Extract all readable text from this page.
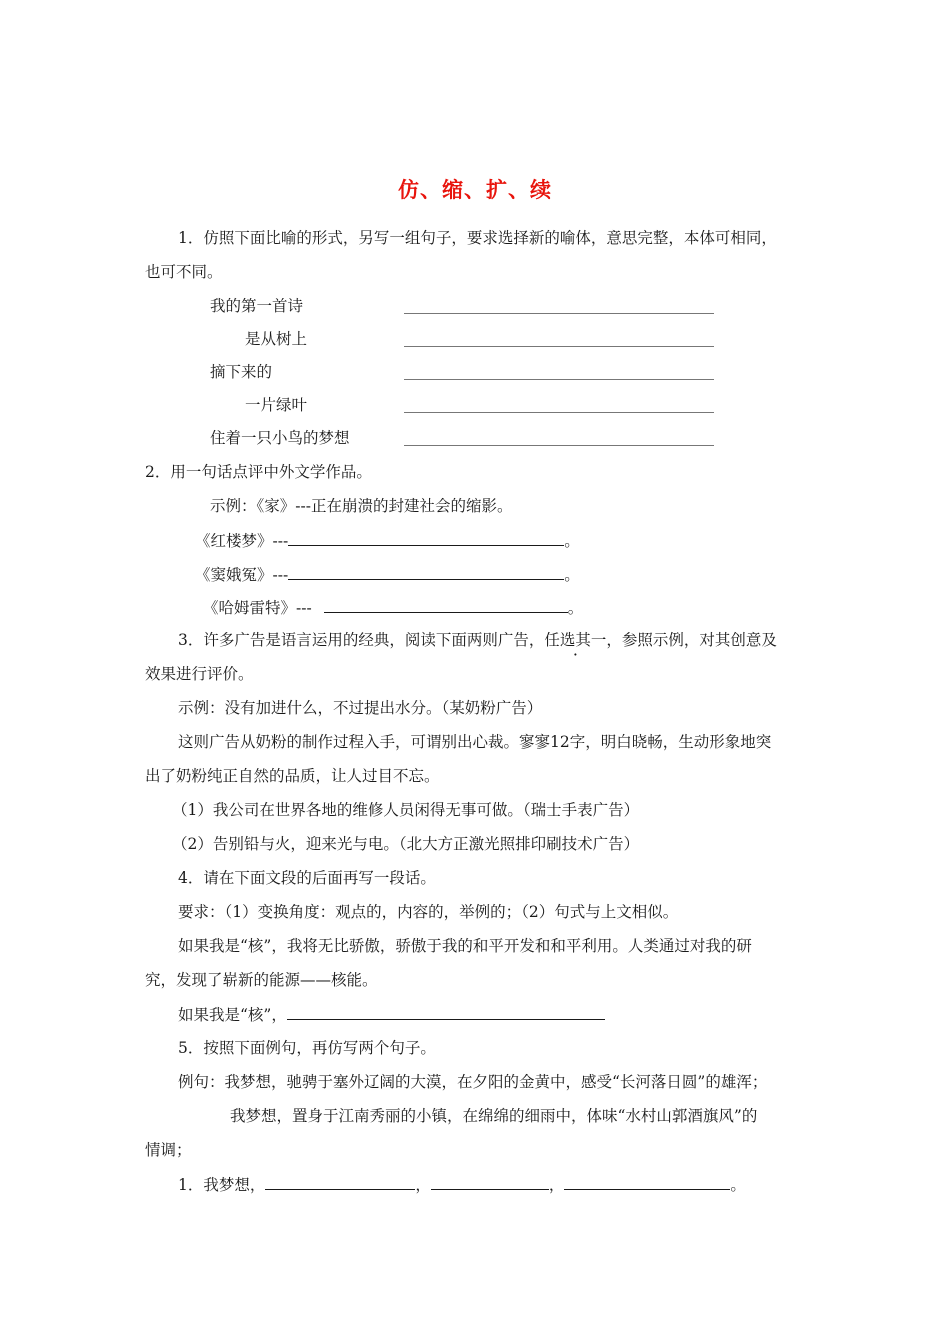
仿、缩、扩、续
1．仿照下面比喻的形式，另写一组句子，要求选择新的喻体，意思完整，本体可相同，
也可不同。
我的第一首诗
是从树上
摘下来的
一片绿叶
住着一只小鸟的梦想
2．用一句话点评中外文学作品。
示例：《家》---正在崩溃的封建社会的缩影。
《红楼梦》---	。
《窦娥冤》---	。
《哈姆雷特》---	。
3．许多广告是语言运用的经典，阅读下面两则广告，任选其一，参照示例，对其创意及
效果进行评价。
示例：没有加进什么，不过提出水分。（某奶粉广告）
这则广告从奶粉的制作过程入手，可谓别出心裁。寥寥12字，明白晓畅，生动形象地突
出了奶粉纯正自然的品质，让人过目不忘。
（1）我公司在世界各地的维修人员闲得无事可做。（瑞士手表广告）
（2）告别铅与火，迎来光与电。（北大方正激光照排印刷技术广告）
4．请在下面文段的后面再写一段话。
要求：（1）变换角度：观点的，内容的，举例的；（2）句式与上文相似。
如果我是“核”，我将无比骄傲，骄傲于我的和平开发和和平利用。人类通过对我的研
究，发现了崭新的能源——核能。
如果我是“核”，
5．按照下面例句，再仿写两个句子。
例句：我梦想，驰骋于塞外辽阔的大漠，在夕阳的金黄中，感受“长河落日圆”的雄浑；
我梦想，置身于江南秀丽的小镇，在绵绵的细雨中，体味“水村山郭酒旗风”的
情调；
1．我梦想，	，	，	。
